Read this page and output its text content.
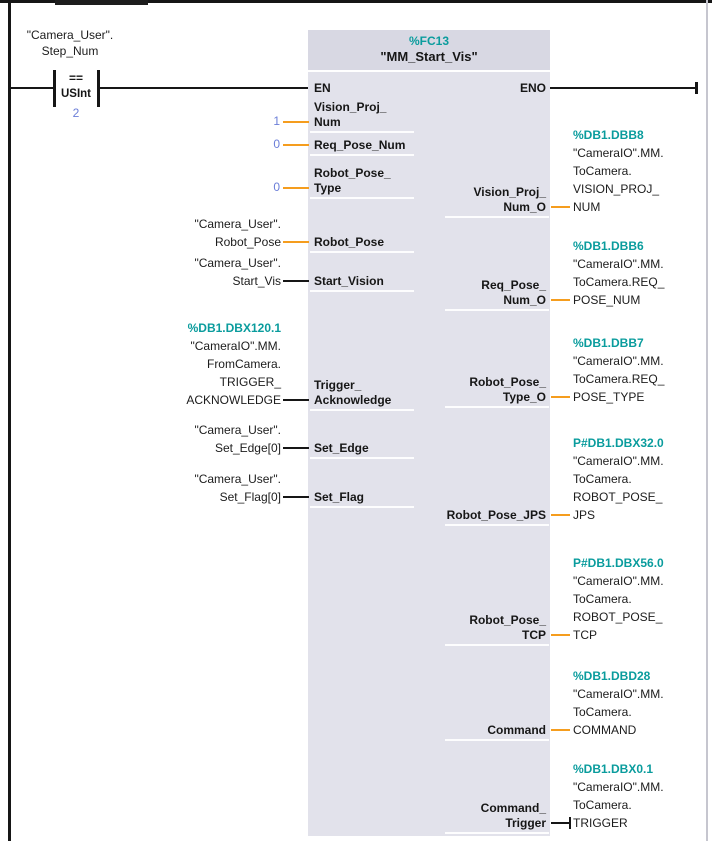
"Camera_User".
Step_Num
==
USInt
2
%FC13
"MM_Start_Vis"
EN	ENO
Vision_Proj_
Num
1
Req_Pose_Num
0
Robot_Pose_
Type
0
Robot_Pose
"Camera_User".
Robot_Pose
Start_Vision
"Camera_User".
Start_Vis
Trigger_
Acknowledge
%DB1.DBX120.1
"CameraIO".MM.
FromCamera.
TRIGGER_
ACKNOWLEDGE
Set_Edge
"Camera_User".
Set_Edge[0]
Set_Flag
"Camera_User".
Set_Flag[0]
Vision_Proj_
Num_O
%DB1.DBB8
"CameraIO".MM.
ToCamera.
VISION_PROJ_
NUM
Req_Pose_
Num_O
%DB1.DBB6
"CameraIO".MM.
ToCamera.REQ_
POSE_NUM
Robot_Pose_
Type_O
%DB1.DBB7
"CameraIO".MM.
ToCamera.REQ_
POSE_TYPE
Robot_Pose_JPS
P#DB1.DBX32.0
"CameraIO".MM.
ToCamera.
ROBOT_POSE_
JPS
Robot_Pose_
TCP
P#DB1.DBX56.0
"CameraIO".MM.
ToCamera.
ROBOT_POSE_
TCP
Command
%DB1.DBD28
"CameraIO".MM.
ToCamera.
COMMAND
Command_
Trigger
%DB1.DBX0.1
"CameraIO".MM.
ToCamera.
TRIGGER
